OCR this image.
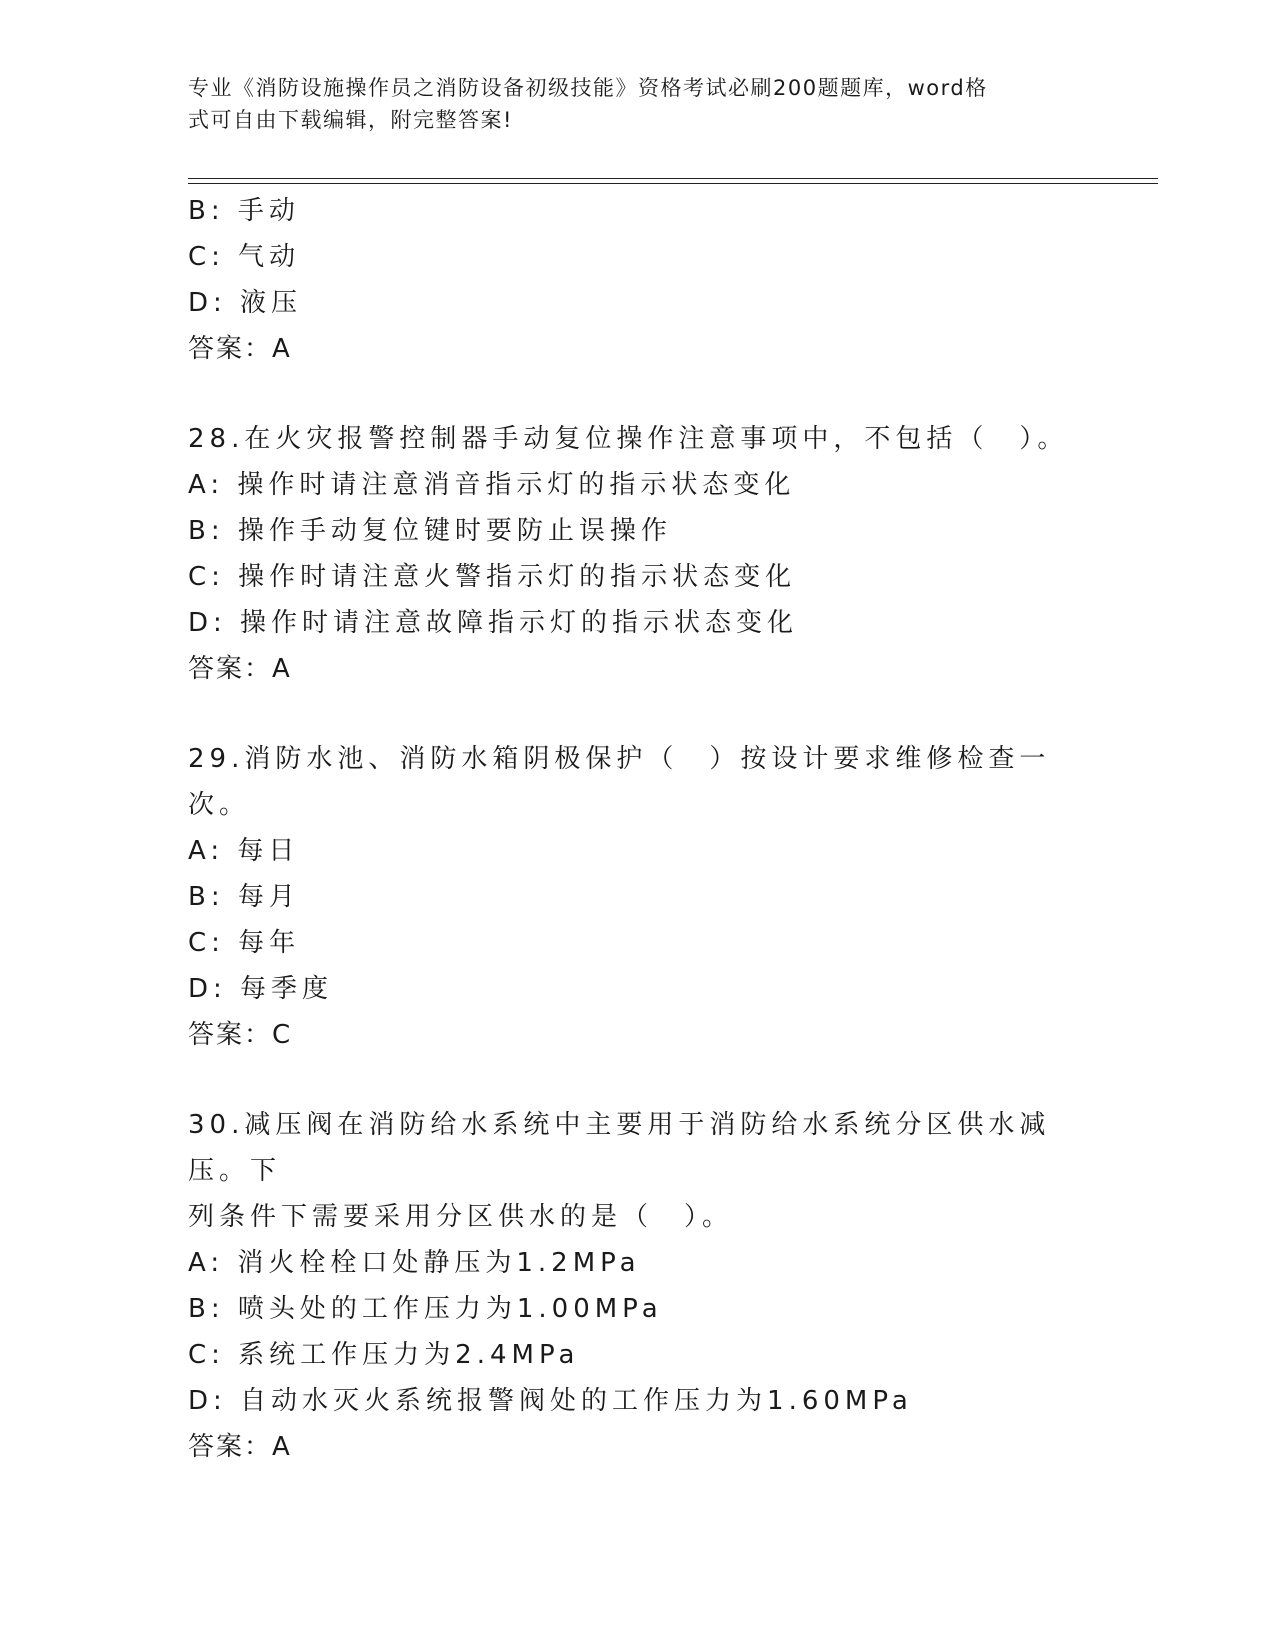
专业《消防设施操作员之消防设备初级技能》资格考试必刷200题题库，word格
式可自由下载编辑，附完整答案!
B: 手动
C: 气动
D: 液压
答案：A
28.在火灾报警控制器手动复位操作注意事项中，不包括（　）。
A: 操作时请注意消音指示灯的指示状态变化
B: 操作手动复位键时要防止误操作
C: 操作时请注意火警指示灯的指示状态变化
D: 操作时请注意故障指示灯的指示状态变化
答案：A
29.消防水池、消防水箱阴极保护（　）按设计要求维修检查一次。
A: 每日
B: 每月
C: 每年
D: 每季度
答案：C
30.减压阀在消防给水系统中主要用于消防给水系统分区供水减压。下
列条件下需要采用分区供水的是（　）。
A: 消火栓栓口处静压为1.2MPa
B: 喷头处的工作压力为1.00MPa
C: 系统工作压力为2.4MPa
D: 自动水灭火系统报警阀处的工作压力为1.60MPa
答案：A
